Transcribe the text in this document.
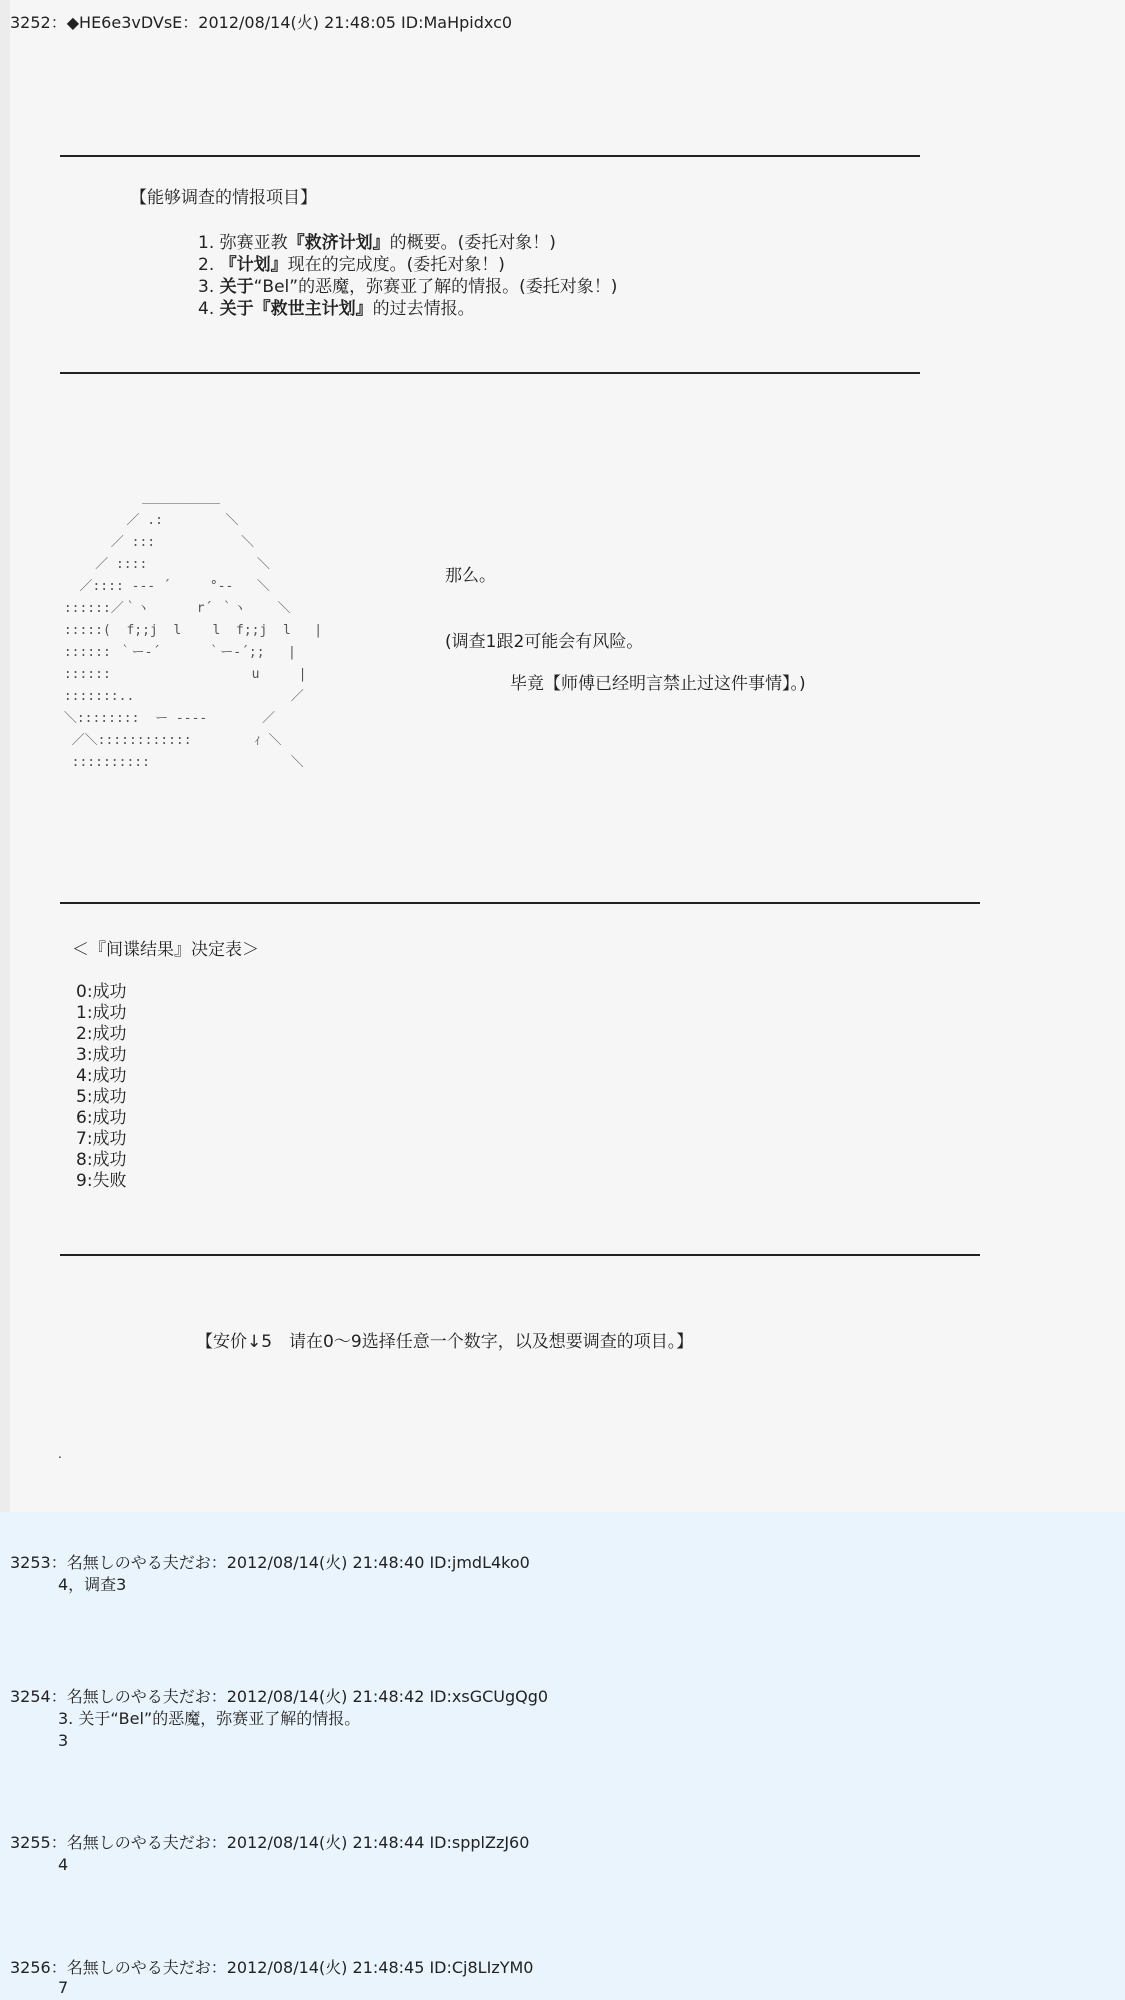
3252：◆HE6e3vDVsE：2012/08/14(火) 21:48:05 ID:MaHpidxc0
【能够调查的情报项目】
1. 弥赛亚教『救济计划』的概要。(委托对象！)
2. 『计划』现在的完成度。(委托对象！)
3. 关于“Bel”的恶魔，弥赛亚了解的情报。(委托对象！)
4. 关于『救世主计划』的过去情报。
＿＿＿＿＿＿
／ .:        ＼
／ :::           ＼
／ ::::              ＼
／:::: ‐‐‐ ´     °‐‐   ＼
::::::／｀ヽ      r´ ｀ヽ    ＼
:::::(  f;;j  l    l  f;;j  l   |
:::::: ｀ー‐´      ｀ー‐´;;   |
::::::                  u     |
:::::::..                    ／
＼::::::::  ー ‐‐‐‐       ／
／＼::::::::::::        ｨ ＼
::::::::::                  ＼
那么。
(调查1跟2可能会有风险。
毕竟【师傅已经明言禁止过这件事情】。)
＜『间谍结果』决定表＞
0:成功
1:成功
2:成功
3:成功
4:成功
5:成功
6:成功
7:成功
8:成功
9:失败
【安价↓5　请在0～9选择任意一个数字，以及想要调查的项目。】
.
3253：名無しのやる夫だお：2012/08/14(火) 21:48:40 ID:jmdL4ko0
4，调查3
3254：名無しのやる夫だお：2012/08/14(火) 21:48:42 ID:xsGCUgQg0
3. 关于“Bel”的恶魔，弥赛亚了解的情报。
3
3255：名無しのやる夫だお：2012/08/14(火) 21:48:44 ID:spplZzJ60
4
3256：名無しのやる夫だお：2012/08/14(火) 21:48:45 ID:Cj8LIzYM0
7
